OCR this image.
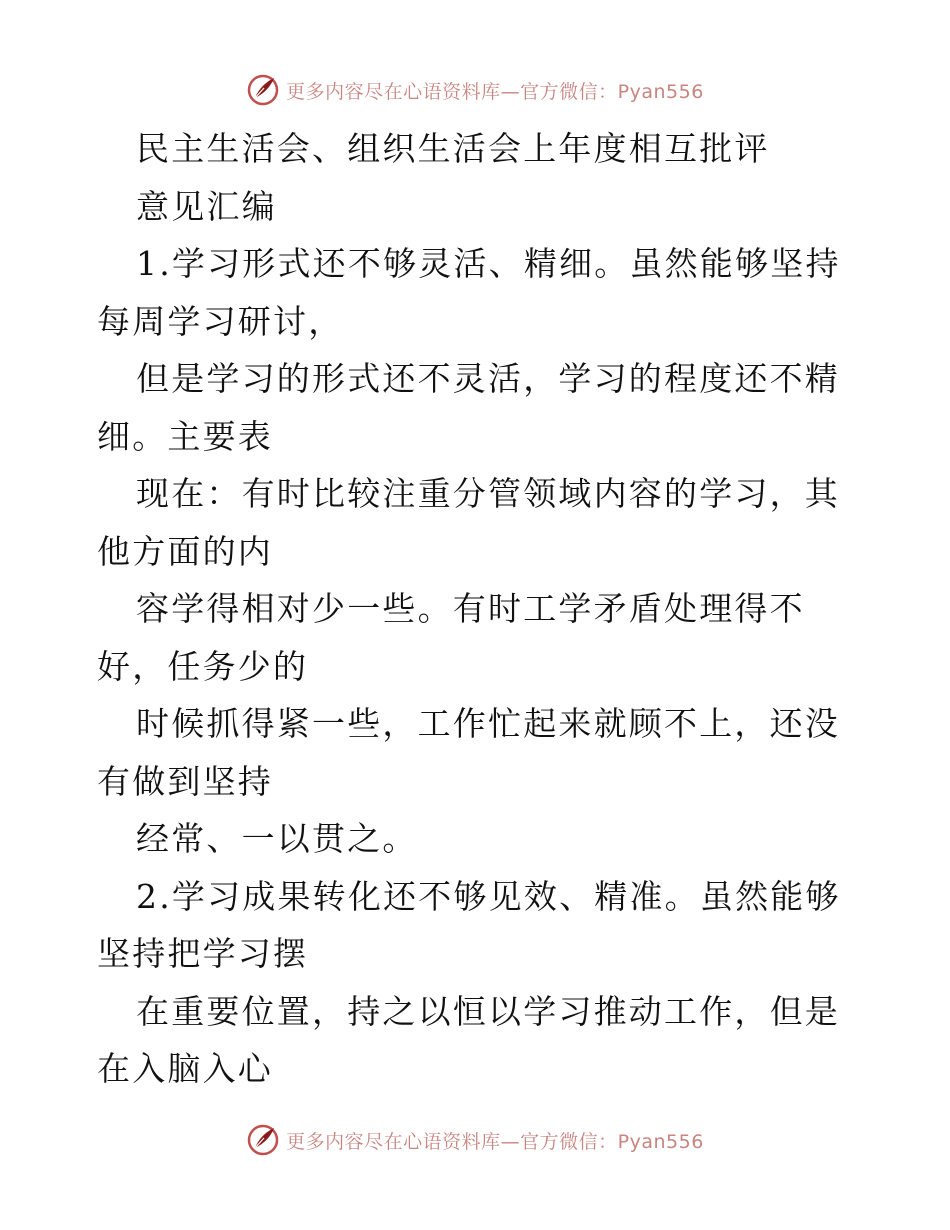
更多内容尽在心语资料库—官方微信：Pyan556

民主生活会、组织生活会上年度相互批评

意见汇编

1.学习形式还不够灵活、精细。虽然能够坚持每周学习研讨，

但是学习的形式还不灵活，学习的程度还不精细。主要表

现在：有时比较注重分管领域内容的学习，其他方面的内

容学得相对少一些。有时工学矛盾处理得不好，任务少的

时候抓得紧一些，工作忙起来就顾不上，还没有做到坚持

经常、一以贯之。

2.学习成果转化还不够见效、精准。虽然能够坚持把学习摆

在重要位置，持之以恒以学习推动工作，但是在入脑入心

更多内容尽在心语资料库—官方微信：Pyan556
